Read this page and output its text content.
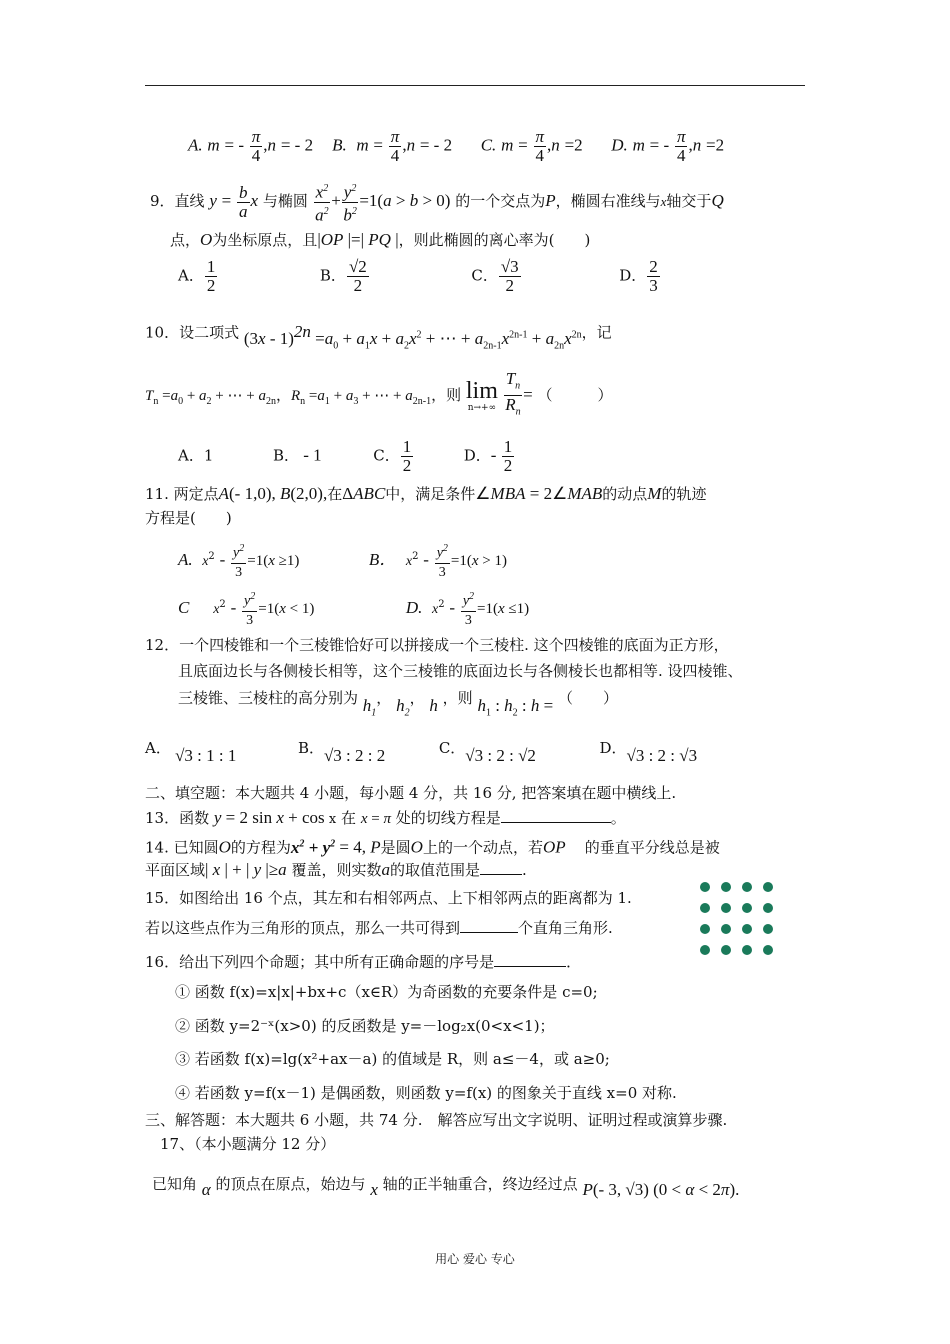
A. m = - $\frac{\pi}{4} ,n$ = - 2 B. $m = \frac{\pi}{4} ,n$ = - 2 C. $m = \frac{\pi}{4} ,n =2$ D. m = - $\frac{\pi}{4} ,n =2$
9．直线 $y = \frac{b}{a}$ x 与椭圆 $\frac{x^2}{a^2} + \frac{y^2}{b^2} =1(a > b > 0)$ 的一个交点为P，椭圆右准线与x轴交于Q
点，O为坐标原点，且|OP |=| PQ |，则此椭圆的离心率为(　　)
A． $\frac{1}{2}$	B． $\frac{√2}{2}$	C． $\frac{√3}{2}$	D． $\frac{2}{3}$
10．设二项式 $(3x - 1)^{2n} =a_0 + a_1x + a_2x^2$ + ⋯ + $a_{2n-1}x^{2n-1} + a_{2n}x^{2n}$，记
$T_n =a_0 + a_2$ + ⋯ + $a_{2n}$，$R_n =a_1 + a_3$ + ⋯ + $a_{2n-1}$，则 lim
n→+∞
$\frac{T_n}{R_n}$ = （　　　）
A．1	B． - 1	C． $\frac{1}{2}$	D．- $\frac{1}{2}$
11. 两定点A(- 1,0), B(2,0),在ΔABC中，满足条件∠MBA = 2∠MAB的动点M的轨迹
方程是(　　)
A. $x^2 - \frac{y^2}{3} =1(x \ge 1)$	B． $x^2 - \frac{y^2}{3} =1(x > 1)$
C $x^2 - \frac{y^2}{3} =1(x < 1)$	D. $x^2 - \frac{y^2}{3} =1(x \le 1)$
12．一个四棱锥和一个三棱锥恰好可以拼接成一个三棱柱. 这个四棱锥的底面为正方形，
且底面边长与各侧棱长相等，这个三棱锥的底面边长与各侧棱长也都相等. 设四棱锥、
三棱锥、三棱柱的高分别为 $h_1$， $h_2$， h ，则 $h_1$ : $h_2$ : h = （　　）
A． √3 : 1 : 1	B．√3 : 2 : 2	C．√3 : 2 : √2	D．√3 : 2 : √3
二、填空题：本大题共 4 小题，每小题 4 分，共 16 分, 把答案填在题中横线上.
13．函数 y = 2 sin x + cos x 在 x = π 处的切线方程是	。
14. 已知圆O的方程为$x^2 + y^2 = 4$, P是圆O上的一个动点，若OP 的垂直平分线总是被
平面区域| x | + | y |≥a 覆盖，则实数a的取值范围是	.
15．如图给出 16 个点，其左和右相邻两点、上下相邻两点的距离都为 1.
若以这些点作为三角形的顶点，那么一共可得到	个直角三角形.
16．给出下列四个命题；其中所有正确命题的序号是	．
① 函数 f(x)=x|x|+bx+c（x∈R）为奇函数的充要条件是 c=0;
② 函数 y=2⁻ˣ(x>0) 的反函数是 y=－log₂x(0<x<1)；
③ 若函数 f(x)=lg(x²+ax－a) 的值域是 R，则 a≤－4，或 a≥0;
④ 若函数 y=f(x－1) 是偶函数，则函数 y=f(x) 的图象关于直线 x=0 对称.
三、解答题：本大题共 6 小题，共 74 分.　解答应写出文字说明、证明过程或演算步骤.
17、（本小题满分 12 分）
已知角 α 的顶点在原点，始边与 x 轴的正半轴重合，终边经过点 P(- 3, √3) (0 < α < 2π).
用心 爱心 专心
